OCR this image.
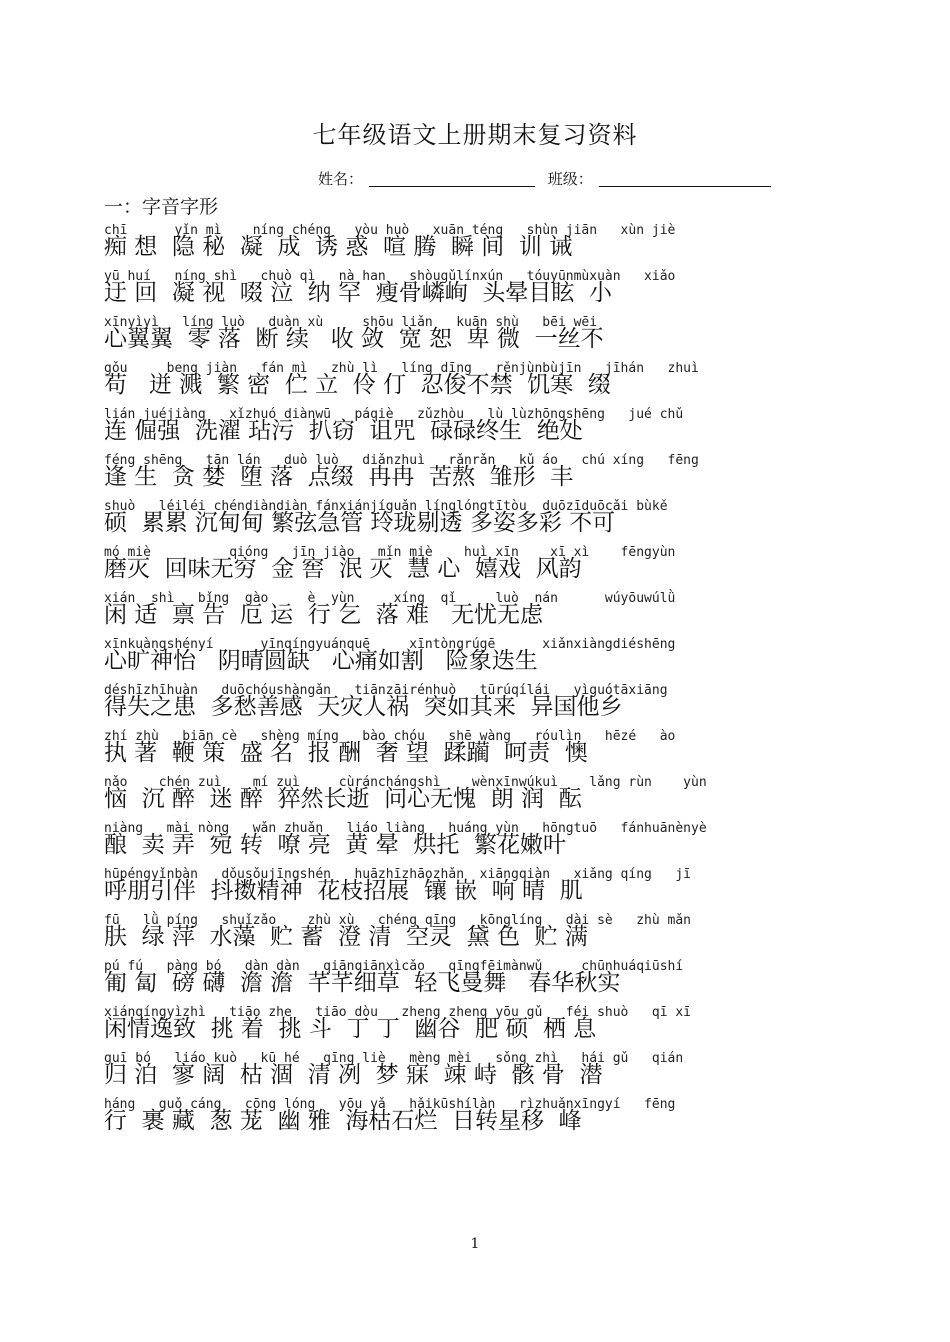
七年级语文上册期末复习资料
姓名：	班级：
一：字音字形
chī      yǐn mì    níng chéng   yòu huò   xuān téng   shùn jiān   xùn jiè
痴 想  隐 秘  凝  成  诱 惑  喧 腾  瞬 间  训 诫
yū huí   níng shì   chuò qì   nà han   shòugǔlínxún   tóuyūnmùxuàn   xiǎo
迂 回  凝 视  啜 泣  纳 罕  瘦骨嶙峋  头晕目眩  小
xīnyìyì   líng luò   duàn xù     shōu liǎn   kuān shù   bēi wēi
心翼翼  零 落  断 续   收 敛  宽 恕  卑 微  一丝不
gǒu     beng jiàn   fán mì   zhù lì   líng dīng   rěnjùnbùjīn   jīhán   zhuì
苟   迸 溅  繁 密  伫 立  伶 仃  忍俊不禁  饥寒  缀
lián juéjiàng   xǐzhuó diànwū   páqiè   zǔzhòu   lù lùzhōngshēng   jué chǔ
连 倔强  洗濯 玷污  扒窃  诅咒  碌碌终生  绝处
féng shēng   tān lán   duò luò   diǎnzhuì   rǎnrǎn   kǔ áo   chú xíng   fēng
逢 生  贪 婪  堕 落  点缀  冉冉  苦熬  雏形  丰
shuò   léiléi chéndiàndiàn fánxiánjíguǎn línglóngtītòu  duōzīduōcǎi bùkě
硕  累累 沉甸甸 繁弦急管 玲珑剔透 多姿多彩 不可
mó miè          qióng   jīn jiào   mǐn miè    huì xīn    xī xì    fēngyùn
磨灭  回味无穷  金 窖  泯 灭  慧 心  嬉戏  风韵
xián  shì   bǐng  gào     è  yùn     xíng  qǐ     luò  nán      wúyōuwúlǜ
闲 适  禀 告  厄 运  行 乞  落 难   无忧无虑
xīnkuàngshényí      yīnqíngyuánquē     xīntòngrúgē      xiǎnxiàngdiéshēng
心旷神怡   阴晴圆缺   心痛如割   险象迭生
déshīzhīhuàn   duōchóushàngǎn   tiānzāirénhuò   tūrúqílái   yìguótāxiāng
得失之患  多愁善感  天灾人祸  突如其来  异国他乡
zhí zhù   biān cè   shèng míng   bào chóu   shē wàng   róulìn   hēzé   ào
执 著  鞭 策  盛 名  报 酬  奢 望  蹂躏  呵责  懊
nǎo    chén zuì    mí zuì     cùránchángshì    wènxīnwúkuì    lǎng rùn    yùn
恼  沉 醉  迷 醉  猝然长逝  问心无愧  朗 润  酝
niàng   mài nòng   wǎn zhuǎn   liáo liàng   huáng yùn   hōngtuō   fánhuānènyè
酿  卖 弄  宛 转  嘹 亮  黄 晕  烘托  繁花嫩叶
hūpéngyǐnbàn   dǒusǒujīngshén   huāzhīzhāozhǎn  xiāngqiàn   xiǎng qíng   jī
呼朋引伴  抖擞精神  花枝招展  镶 嵌  响 晴  肌
fū   lǜ píng   shuǐzǎo    zhù xù   chéng qīng   kōnglíng   dài sè   zhù mǎn
肤  绿 萍  水藻  贮 蓄  澄 清  空灵  黛 色  贮 满
pú fú   pàng bó   dàn dàn   qiānqiānxìcǎo   qīngfēimànwǔ     chūnhuáqiūshí
匍 匐  磅 礴  澹 澹  芊芊细草  轻飞曼舞   春华秋实
xiánqíngyìzhì   tiāo zhe   tiāo dòu   zheng zheng yōu gǔ   féi shuò   qī xī
闲情逸致  挑 着  挑 斗  丁 丁  幽谷  肥 硕  栖 息
guī bó   liáo kuò   kū hé   qīng liè   mèng mèi   sǒng zhì   hái gǔ   qián
归 泊  寥 阔  枯 涸  清 冽  梦 寐  竦 峙  骸 骨  潜
háng   guǒ cáng   cōng lóng   yōu yǎ   hǎikūshílàn   rìzhuǎnxīngyí   fēng
行  裹 藏  葱 茏  幽 雅  海枯石烂  日转星移  峰
1
